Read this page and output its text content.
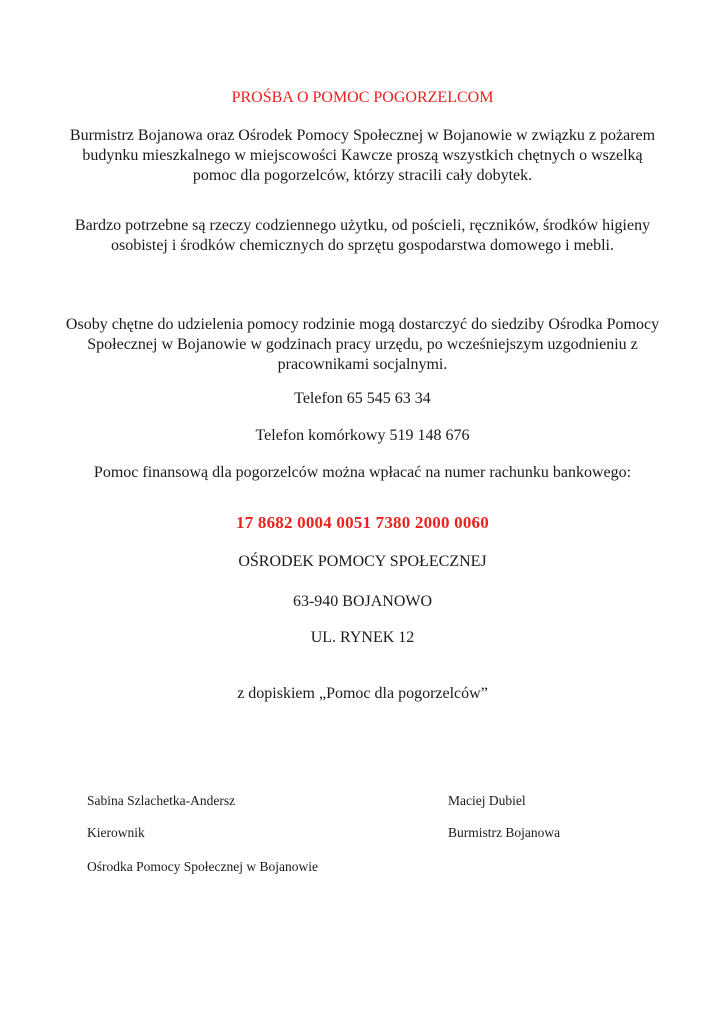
PROŚBA O POMOC POGORZELCOM
Burmistrz Bojanowa oraz Ośrodek Pomocy Społecznej w Bojanowie w związku z pożarem budynku mieszkalnego w miejscowości Kawcze proszą wszystkich chętnych o wszelką pomoc dla pogorzelców, którzy stracili cały dobytek.
Bardzo potrzebne są rzeczy codziennego użytku, od pościeli, ręczników, środków higieny osobistej i środków chemicznych do sprzętu gospodarstwa domowego i mebli.
Osoby chętne do udzielenia pomocy rodzinie mogą dostarczyć do siedziby Ośrodka Pomocy Społecznej w Bojanowie w godzinach pracy urzędu, po wcześniejszym uzgodnieniu z pracownikami socjalnymi.
Telefon 65 545 63 34
Telefon komórkowy 519 148 676
Pomoc finansową dla pogorzelców można wpłacać na numer rachunku bankowego:
17 8682 0004 0051 7380 2000 0060
OŚRODEK POMOCY SPOŁECZNEJ
63-940 BOJANOWO
UL. RYNEK 12
z dopiskiem „Pomoc dla pogorzelców”
Sabina Szlachetka-Andersz
Kierownik
Ośrodka Pomocy Społecznej w Bojanowie
Maciej Dubiel
Burmistrz Bojanowa
